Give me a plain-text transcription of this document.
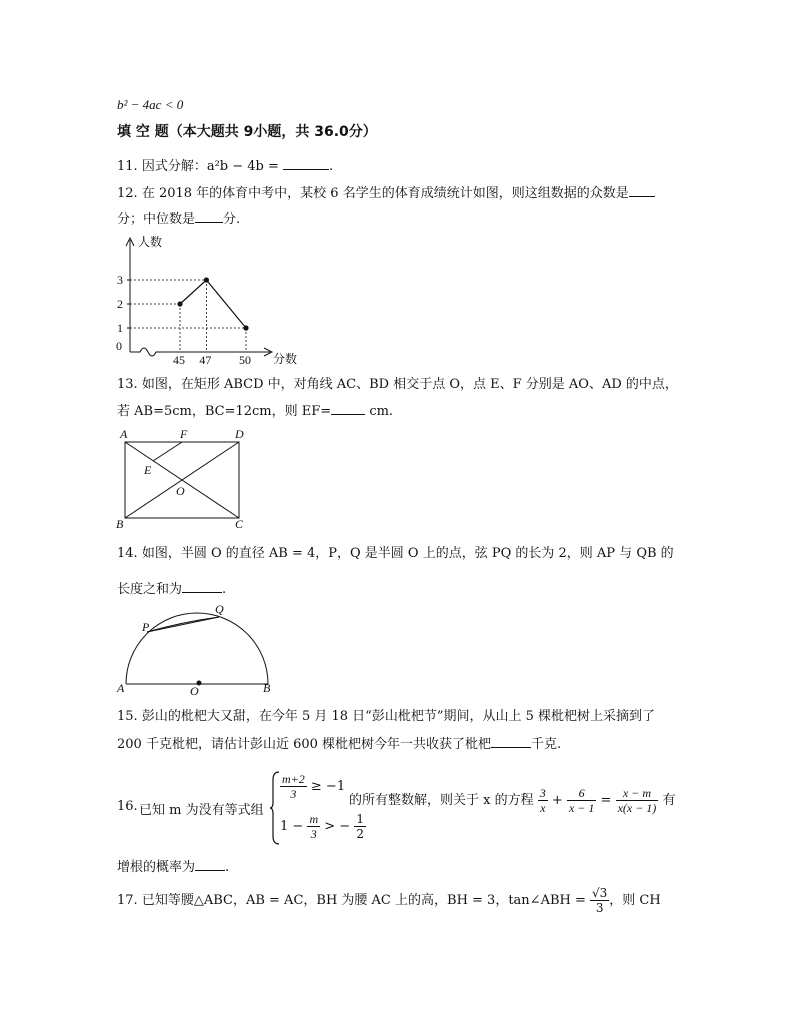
b² − 4ac < 0
填 空 题（本大题共 9小题，共 36.0分）
11. 因式分解：a²b − 4b =	.
12. 在 2018 年的体育中考中，某校 6 名学生的体育成绩统计如图，则这组数据的众数是
分；中位数是 分.
1
2
3
45 47 50
人数
分数
0
13. 如图，在矩形 ABCD 中，对角线 AC、BD 相交于点 O，点 E、F 分别是 AO、AD 的中点，
若 AB=5cm，BC=12cm，则 EF=	cm.
A	F	D
E
O
B	C
14. 如图，半圆 O 的直径 AB = 4，P，Q 是半圆 O 上的点，弦 PQ 的长为 2，则 AP 与 QB 的
长度之和为	.
P
Q
A	O	B
15. 彭山的枇杷大又甜，在今年 5 月 18 日“彭山枇杷节”期间，从山上 5 棵枇杷树上采摘到了
200 千克枇杷，请估计彭山近 600 棵枇杷树今年一共收获了枇杷	千克.
16. 已知 m 为没有等式组
$\frac{m+2}{3} \ge -1$
$1 - \frac{m}{3}$ > − $\frac{1}{2}$
的所有整数解，则关于 x 的方程 $\frac{3}{x} + \frac{6}{x - 1} = \frac{x - m}{x(x - 1)}$ 有
增根的概率为 .
17. 已知等腰△ABC，AB = AC，BH 为腰 AC 上的高，BH = 3，tan∠ABH = $\frac{√3}{3}$ ，则 CH
